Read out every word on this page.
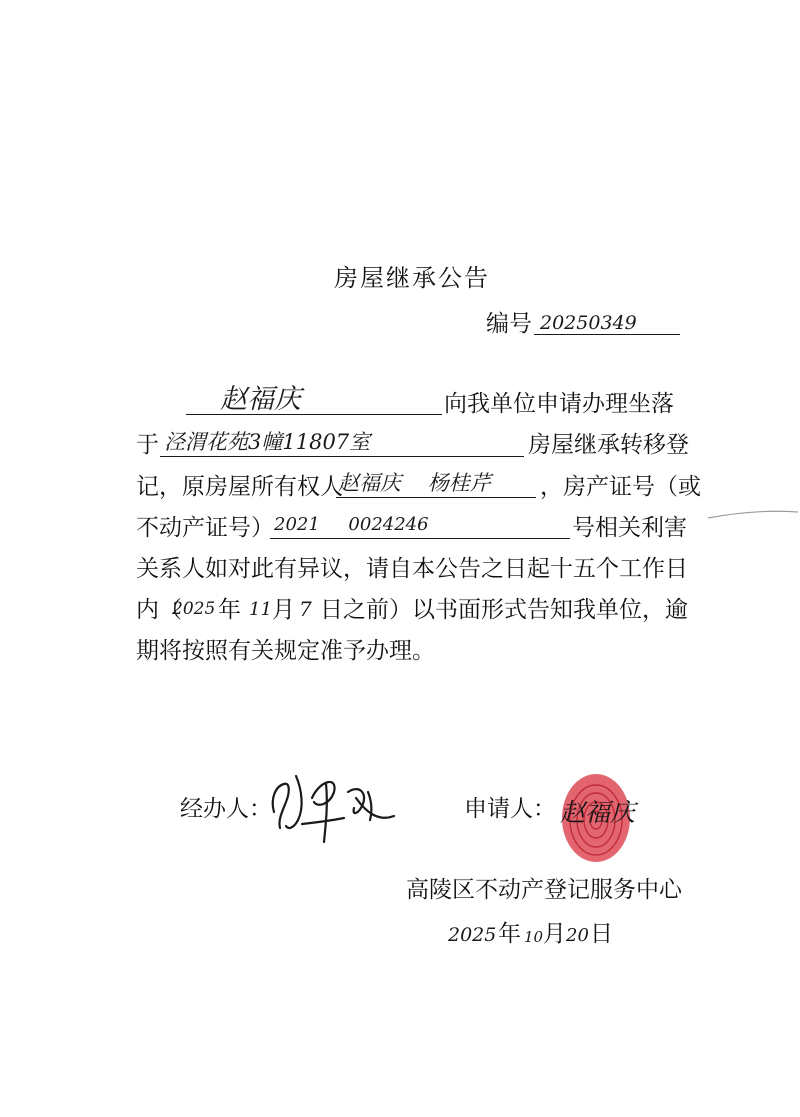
房屋继承公告
编号 20250349
赵福庆	向我单位申请办理坐落
于 泾渭花苑3幢11807室	房屋继承转移登
记，原房屋所有权人
赵福庆    杨桂芹 ，房产证号（或
不动产证号） 2021     0024246	号相关利害
关系人如对此有异议，请自本公告之日起十五个工作日
内（
2025 年 11 月 7 日之前）以书面形式告知我单位，逾
期将按照有关规定准予办理。
经办人：	申请人： 赵福庆
高陵区不动产登记服务中心
2025 年 10 月 20 日
